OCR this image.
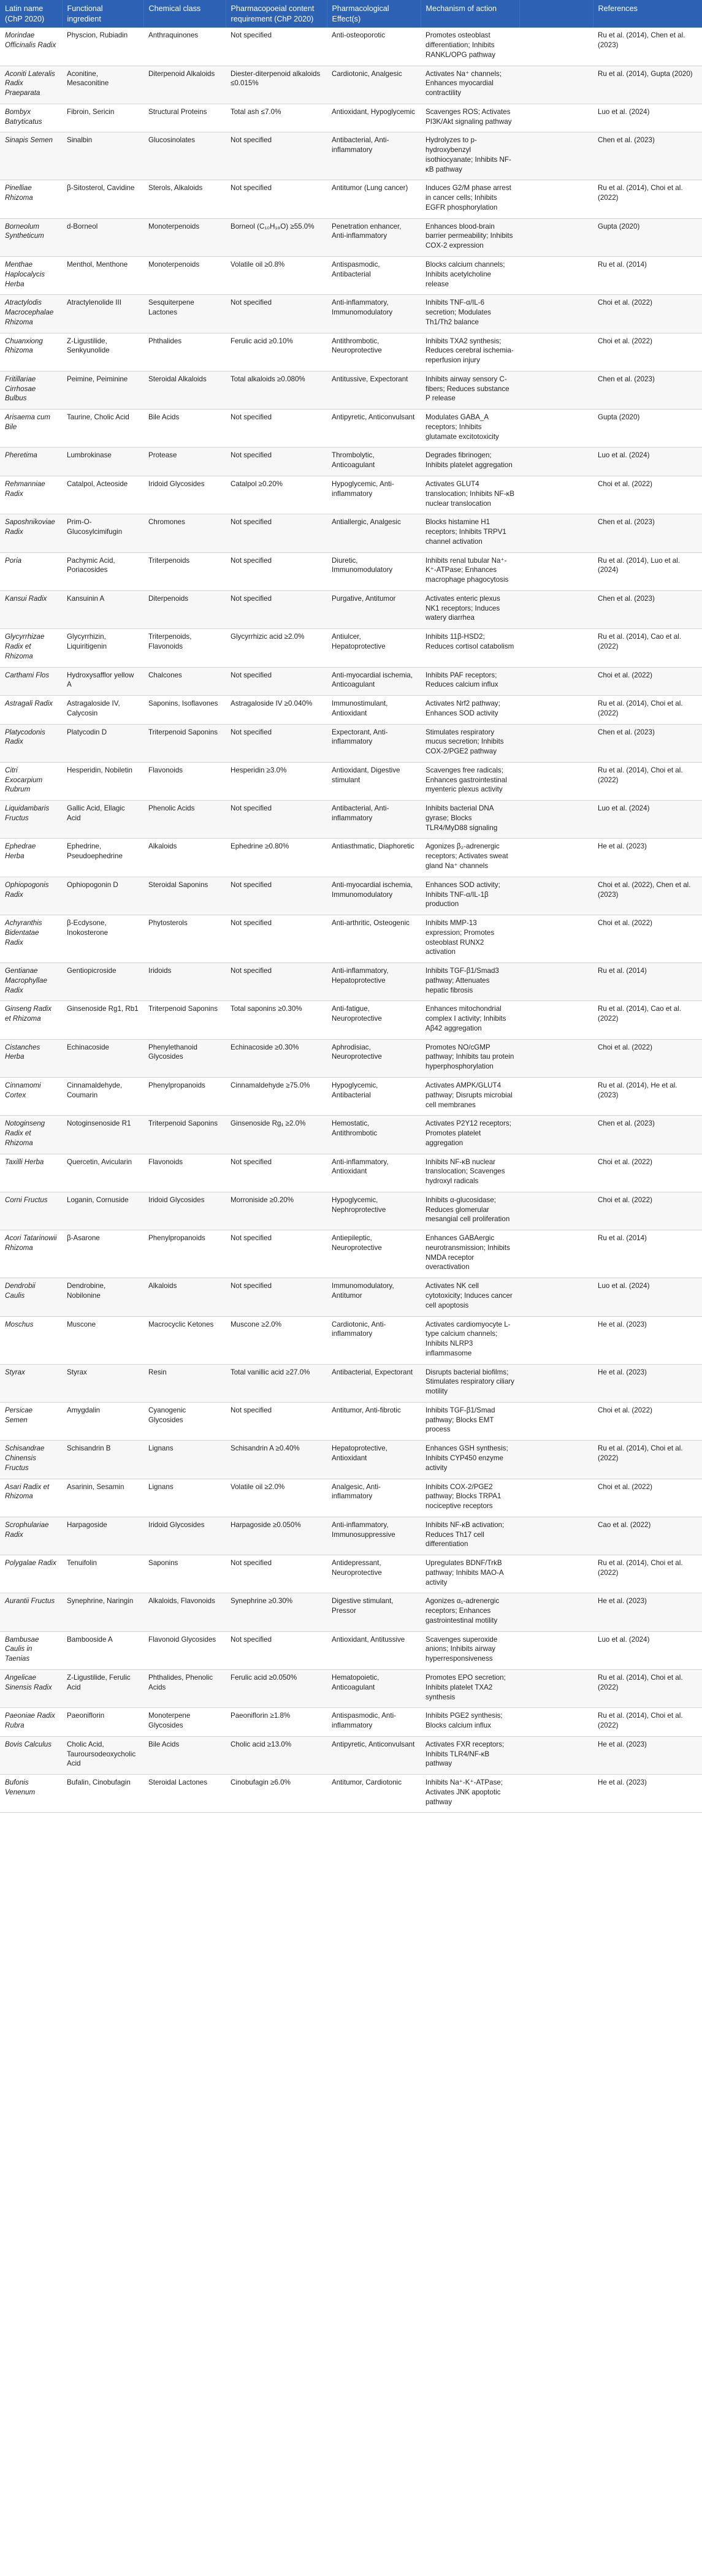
Latin name (ChP 2020)	Functional ingredient	Chemical class	Pharmacopoeial content requirement (ChP 2020)	Pharmacological Effect(s)	Mechanism of action		References
Morindae Officinalis Radix	Physcion, Rubiadin	Anthraquinones	Not specified	Anti-osteoporotic	Promotes osteoblast differentiation; Inhibits RANKL/OPG pathway		Ru et al. (2014), Chen et al. (2023)
Aconiti Lateralis Radix Praeparata	Aconitine, Mesaconitine	Diterpenoid Alkaloids	Diester-diterpenoid alkaloids ≤0.015%	Cardiotonic, Analgesic	Activates Na⁺ channels; Enhances myocardial contractility		Ru et al. (2014), Gupta (2020)
Bombyx Batryticatus	Fibroin, Sericin	Structural Proteins	Total ash ≤7.0%	Antioxidant, Hypoglycemic	Scavenges ROS; Activates PI3K/Akt signaling pathway		Luo et al. (2024)
Sinapis Semen	Sinalbin	Glucosinolates	Not specified	Antibacterial, Anti-inflammatory	Hydrolyzes to p-hydroxybenzyl isothiocyanate; Inhibits NF-κB pathway		Chen et al. (2023)
Pinelliae Rhizoma	β-Sitosterol, Cavidine	Sterols, Alkaloids	Not specified	Antitumor (Lung cancer)	Induces G2/M phase arrest in cancer cells; Inhibits EGFR phosphorylation		Ru et al. (2014), Choi et al. (2022)
Borneolum Syntheticum	d-Borneol	Monoterpenoids	Borneol (C₁₀H₁₈O) ≥55.0%	Penetration enhancer, Anti-inflammatory	Enhances blood-brain barrier permeability; Inhibits COX-2 expression		Gupta (2020)
Menthae Haplocalycis Herba	Menthol, Menthone	Monoterpenoids	Volatile oil ≥0.8%	Antispasmodic, Antibacterial	Blocks calcium channels; Inhibits acetylcholine release		Ru et al. (2014)
Atractylodis Macrocephalae Rhizoma	Atractylenolide III	Sesquiterpene Lactones	Not specified	Anti-inflammatory, Immunomodulatory	Inhibits TNF-α/IL-6 secretion; Modulates Th1/Th2 balance		Choi et al. (2022)
Chuanxiong Rhizoma	Z-Ligustilide, Senkyunolide	Phthalides	Ferulic acid ≥0.10%	Antithrombotic, Neuroprotective	Inhibits TXA2 synthesis; Reduces cerebral ischemia-reperfusion injury		Choi et al. (2022)
Fritillariae Cirrhosae Bulbus	Peimine, Peiminine	Steroidal Alkaloids	Total alkaloids ≥0.080%	Antitussive, Expectorant	Inhibits airway sensory C-fibers; Reduces substance P release		Chen et al. (2023)
Arisaema cum Bile	Taurine, Cholic Acid	Bile Acids	Not specified	Antipyretic, Anticonvulsant	Modulates GABA_A receptors; Inhibits glutamate excitotoxicity		Gupta (2020)
Pheretima	Lumbrokinase	Protease	Not specified	Thrombolytic, Anticoagulant	Degrades fibrinogen; Inhibits platelet aggregation		Luo et al. (2024)
Rehmanniae Radix	Catalpol, Acteoside	Iridoid Glycosides	Catalpol ≥0.20%	Hypoglycemic, Anti-inflammatory	Activates GLUT4 translocation; Inhibits NF-κB nuclear translocation		Choi et al. (2022)
Saposhnikoviae Radix	Prim-O-Glucosylcimifugin	Chromones	Not specified	Antiallergic, Analgesic	Blocks histamine H1 receptors; Inhibits TRPV1 channel activation		Chen et al. (2023)
Poria	Pachymic Acid, Poriacosides	Triterpenoids	Not specified	Diuretic, Immunomodulatory	Inhibits renal tubular Na⁺-K⁺-ATPase; Enhances macrophage phagocytosis		Ru et al. (2014), Luo et al. (2024)
Kansui Radix	Kansuinin A	Diterpenoids	Not specified	Purgative, Antitumor	Activates enteric plexus NK1 receptors; Induces watery diarrhea		Chen et al. (2023)
Glycyrrhizae Radix et Rhizoma	Glycyrrhizin, Liquiritigenin	Triterpenoids, Flavonoids	Glycyrrhizic acid ≥2.0%	Antiulcer, Hepatoprotective	Inhibits 11β-HSD2; Reduces cortisol catabolism		Ru et al. (2014), Cao et al. (2022)
Carthami Flos	Hydroxysafflor yellow A	Chalcones	Not specified	Anti-myocardial ischemia, Anticoagulant	Inhibits PAF receptors; Reduces calcium influx		Choi et al. (2022)
Astragali Radix	Astragaloside IV, Calycosin	Saponins, Isoflavones	Astragaloside IV ≥0.040%	Immunostimulant, Antioxidant	Activates Nrf2 pathway; Enhances SOD activity		Ru et al. (2014), Choi et al. (2022)
Platycodonis Radix	Platycodin D	Triterpenoid Saponins	Not specified	Expectorant, Anti-inflammatory	Stimulates respiratory mucus secretion; Inhibits COX-2/PGE2 pathway		Chen et al. (2023)
Citri Exocarpium Rubrum	Hesperidin, Nobiletin	Flavonoids	Hesperidin ≥3.0%	Antioxidant, Digestive stimulant	Scavenges free radicals; Enhances gastrointestinal myenteric plexus activity		Ru et al. (2014), Choi et al. (2022)
Liquidambaris Fructus	Gallic Acid, Ellagic Acid	Phenolic Acids	Not specified	Antibacterial, Anti-inflammatory	Inhibits bacterial DNA gyrase; Blocks TLR4/MyD88 signaling		Luo et al. (2024)
Ephedrae Herba	Ephedrine, Pseudoephedrine	Alkaloids	Ephedrine ≥0.80%	Antiasthmatic, Diaphoretic	Agonizes β₂-adrenergic receptors; Activates sweat gland Na⁺ channels		He et al. (2023)
Ophiopogonis Radix	Ophiopogonin D	Steroidal Saponins	Not specified	Anti-myocardial ischemia, Immunomodulatory	Enhances SOD activity; Inhibits TNF-α/IL-1β production		Choi et al. (2022), Chen et al. (2023)
Achyranthis Bidentatae Radix	β-Ecdysone, Inokosterone	Phytosterols	Not specified	Anti-arthritic, Osteogenic	Inhibits MMP-13 expression; Promotes osteoblast RUNX2 activation		Choi et al. (2022)
Gentianae Macrophyllae Radix	Gentiopicroside	Iridoids	Not specified	Anti-inflammatory, Hepatoprotective	Inhibits TGF-β1/Smad3 pathway; Attenuates hepatic fibrosis		Ru et al. (2014)
Ginseng Radix et Rhizoma	Ginsenoside Rg1, Rb1	Triterpenoid Saponins	Total saponins ≥0.30%	Anti-fatigue, Neuroprotective	Enhances mitochondrial complex I activity; Inhibits Aβ42 aggregation		Ru et al. (2014), Cao et al. (2022)
Cistanches Herba	Echinacoside	Phenylethanoid Glycosides	Echinacoside ≥0.30%	Aphrodisiac, Neuroprotective	Promotes NO/cGMP pathway; Inhibits tau protein hyperphosphorylation		Choi et al. (2022)
Cinnamomi Cortex	Cinnamaldehyde, Coumarin	Phenylpropanoids	Cinnamaldehyde ≥75.0%	Hypoglycemic, Antibacterial	Activates AMPK/GLUT4 pathway; Disrupts microbial cell membranes		Ru et al. (2014), He et al. (2023)
Notoginseng Radix et Rhizoma	Notoginsenoside R1	Triterpenoid Saponins	Ginsenoside Rg₁ ≥2.0%	Hemostatic, Antithrombotic	Activates P2Y12 receptors; Promotes platelet aggregation		Chen et al. (2023)
Taxilli Herba	Quercetin, Avicularin	Flavonoids	Not specified	Anti-inflammatory, Antioxidant	Inhibits NF-κB nuclear translocation; Scavenges hydroxyl radicals		Choi et al. (2022)
Corni Fructus	Loganin, Cornuside	Iridoid Glycosides	Morroniside ≥0.20%	Hypoglycemic, Nephroprotective	Inhibits α-glucosidase; Reduces glomerular mesangial cell proliferation		Choi et al. (2022)
Acori Tatarinowii Rhizoma	β-Asarone	Phenylpropanoids	Not specified	Antiepileptic, Neuroprotective	Enhances GABAergic neurotransmission; Inhibits NMDA receptor overactivation		Ru et al. (2014)
Dendrobii Caulis	Dendrobine, Nobilonine	Alkaloids	Not specified	Immunomodulatory, Antitumor	Activates NK cell cytotoxicity; Induces cancer cell apoptosis		Luo et al. (2024)
Moschus	Muscone	Macrocyclic Ketones	Muscone ≥2.0%	Cardiotonic, Anti-inflammatory	Activates cardiomyocyte L-type calcium channels; Inhibits NLRP3 inflammasome		He et al. (2023)
Styrax	Styrax	Resin	Total vanillic acid ≥27.0%	Antibacterial, Expectorant	Disrupts bacterial biofilms; Stimulates respiratory ciliary motility		He et al. (2023)
Persicae Semen	Amygdalin	Cyanogenic Glycosides	Not specified	Antitumor, Anti-fibrotic	Inhibits TGF-β1/Smad pathway; Blocks EMT process		Choi et al. (2022)
Schisandrae Chinensis Fructus	Schisandrin B	Lignans	Schisandrin A ≥0.40%	Hepatoprotective, Antioxidant	Enhances GSH synthesis; Inhibits CYP450 enzyme activity		Ru et al. (2014), Choi et al. (2022)
Asari Radix et Rhizoma	Asarinin, Sesamin	Lignans	Volatile oil ≥2.0%	Analgesic, Anti-inflammatory	Inhibits COX-2/PGE2 pathway; Blocks TRPA1 nociceptive receptors		Choi et al. (2022)
Scrophulariae Radix	Harpagoside	Iridoid Glycosides	Harpagoside ≥0.050%	Anti-inflammatory, Immunosuppressive	Inhibits NF-κB activation; Reduces Th17 cell differentiation		Cao et al. (2022)
Polygalae Radix	Tenuifolin	Saponins	Not specified	Antidepressant, Neuroprotective	Upregulates BDNF/TrkB pathway; Inhibits MAO-A activity		Ru et al. (2014), Choi et al. (2022)
Aurantii Fructus	Synephrine, Naringin	Alkaloids, Flavonoids	Synephrine ≥0.30%	Digestive stimulant, Pressor	Agonizes α₁-adrenergic receptors; Enhances gastrointestinal motility		He et al. (2023)
Bambusae Caulis in Taenias	Bambooside A	Flavonoid Glycosides	Not specified	Antioxidant, Antitussive	Scavenges superoxide anions; Inhibits airway hyperresponsiveness		Luo et al. (2024)
Angelicae Sinensis Radix	Z-Ligustilide, Ferulic Acid	Phthalides, Phenolic Acids	Ferulic acid ≥0.050%	Hematopoietic, Anticoagulant	Promotes EPO secretion; Inhibits platelet TXA2 synthesis		Ru et al. (2014), Choi et al. (2022)
Paeoniae Radix Rubra	Paeoniflorin	Monoterpene Glycosides	Paeoniflorin ≥1.8%	Antispasmodic, Anti-inflammatory	Inhibits PGE2 synthesis; Blocks calcium influx		Ru et al. (2014), Choi et al. (2022)
Bovis Calculus	Cholic Acid, Tauroursodeoxycholic Acid	Bile Acids	Cholic acid ≥13.0%	Antipyretic, Anticonvulsant	Activates FXR receptors; Inhibits TLR4/NF-κB pathway		He et al. (2023)
Bufonis Venenum	Bufalin, Cinobufagin	Steroidal Lactones	Cinobufagin ≥6.0%	Antitumor, Cardiotonic	Inhibits Na⁺-K⁺-ATPase; Activates JNK apoptotic pathway		He et al. (2023)
